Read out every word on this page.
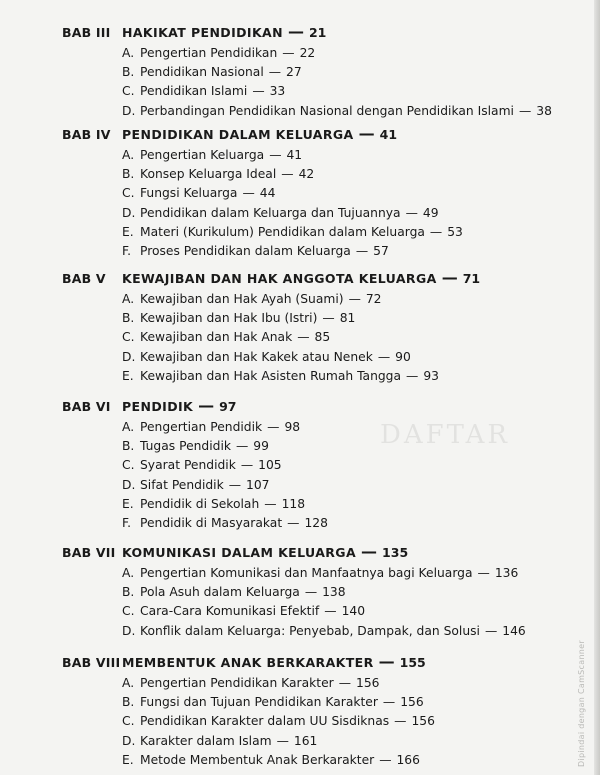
BAB III HAKIKAT PENDIDIKAN — 21
A. Pengertian Pendidikan — 22
B. Pendidikan Nasional — 27
C. Pendidikan Islami — 33
D. Perbandingan Pendidikan Nasional dengan Pendidikan Islami — 38
BAB IV PENDIDIKAN DALAM KELUARGA — 41
A. Pengertian Keluarga — 41
B. Konsep Keluarga Ideal — 42
C. Fungsi Keluarga — 44
D. Pendidikan dalam Keluarga dan Tujuannya — 49
E. Materi (Kurikulum) Pendidikan dalam Keluarga — 53
F. Proses Pendidikan dalam Keluarga — 57
BAB V	KEWAJIBAN DAN HAK ANGGOTA KELUARGA — 71
A. Kewajiban dan Hak Ayah (Suami) — 72
B. Kewajiban dan Hak Ibu (Istri) — 81
C. Kewajiban dan Hak Anak — 85
D. Kewajiban dan Hak Kakek atau Nenek — 90
E. Kewajiban dan Hak Asisten Rumah Tangga — 93
BAB VI PENDIDIK — 97
A. Pengertian Pendidik — 98
B. Tugas Pendidik — 99
C. Syarat Pendidik — 105
D. Sifat Pendidik — 107
E. Pendidik di Sekolah — 118
F. Pendidik di Masyarakat — 128
BAB VII KOMUNIKASI DALAM KELUARGA — 135
A. Pengertian Komunikasi dan Manfaatnya bagi Keluarga — 136
B. Pola Asuh dalam Keluarga — 138
C. Cara-Cara Komunikasi Efektif — 140
D. Konflik dalam Keluarga: Penyebab, Dampak, dan Solusi — 146
BAB VIII MEMBENTUK ANAK BERKARAKTER — 155
A. Pengertian Pendidikan Karakter — 156
B. Fungsi dan Tujuan Pendidikan Karakter — 156
C. Pendidikan Karakter dalam UU Sisdiknas — 156
D. Karakter dalam Islam — 161
E. Metode Membentuk Anak Berkarakter — 166
DAFTAR
Dipindai dengan CamScanner
